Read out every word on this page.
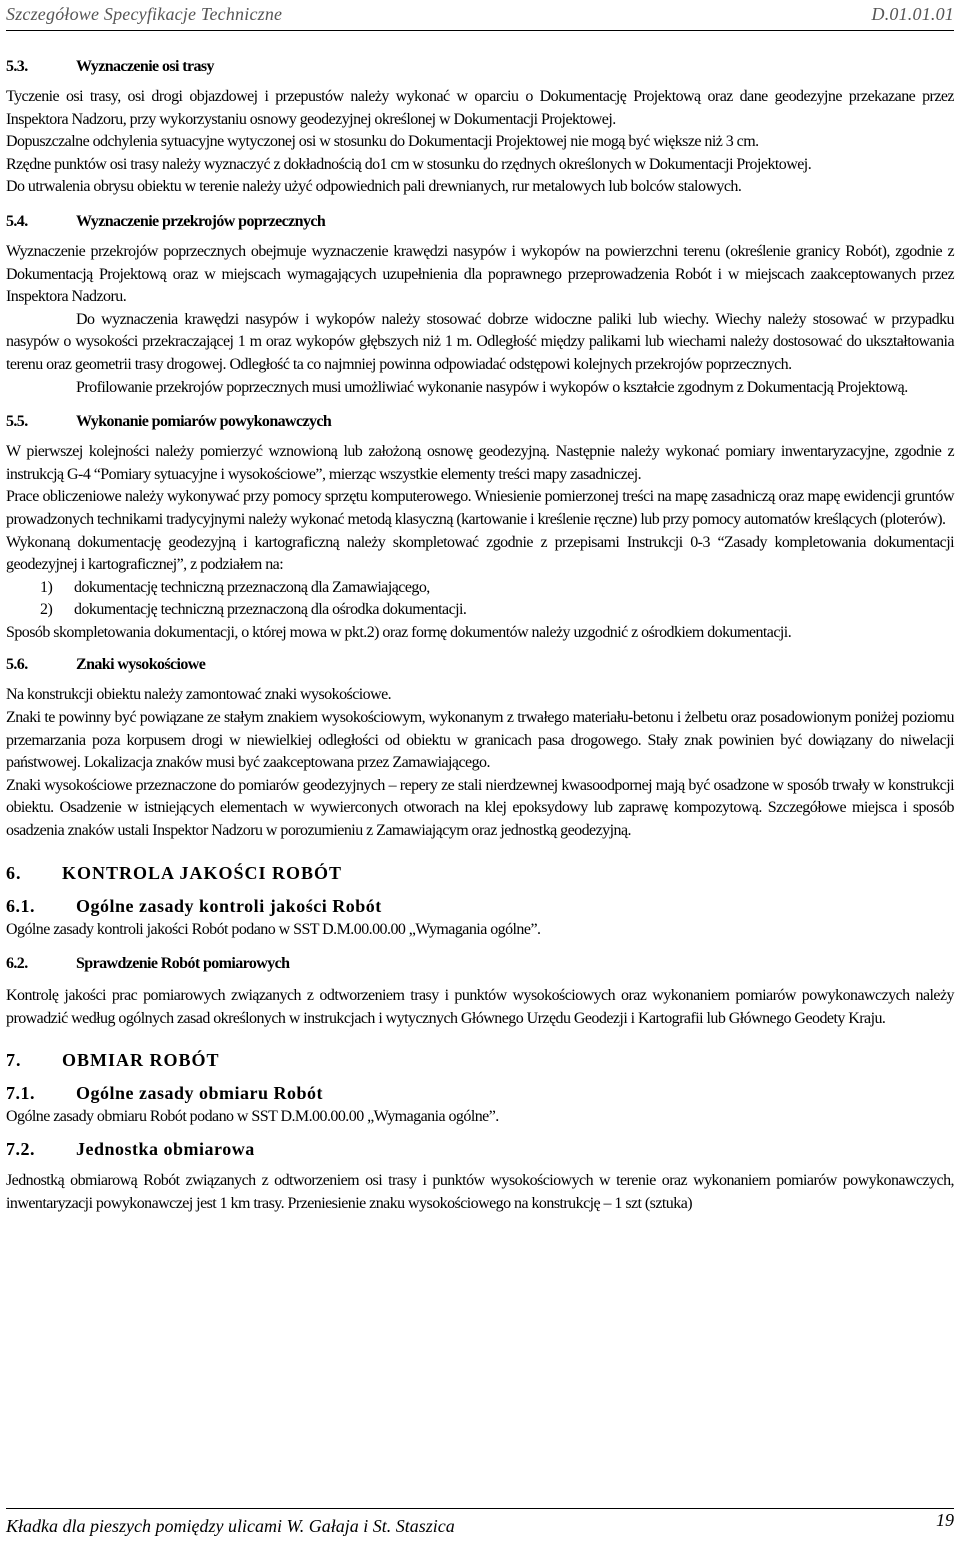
Szczegółowe Specyfikacje Techniczne	D.01.01.01
5.3.	Wyznaczenie osi trasy

Tyczenie osi trasy, osi drogi objazdowej i przepustów należy wykonać w oparciu o Dokumentację Projektową oraz dane geodezyjne przekazane przez Inspektora Nadzoru, przy wykorzystaniu osnowy geodezyjnej określonej w Dokumentacji Projektowej.

Dopuszczalne odchylenia sytuacyjne wytyczonej osi w stosunku do Dokumentacji Projektowej nie mogą być większe niż 3 cm.

Rzędne punktów osi trasy należy wyznaczyć z dokładnością do1 cm w stosunku do rzędnych określonych w Dokumentacji Projektowej.

Do utrwalenia obrysu obiektu w terenie należy użyć odpowiednich pali drewnianych, rur metalowych lub bolców stalowych.

5.4.	Wyznaczenie przekrojów poprzecznych

Wyznaczenie przekrojów poprzecznych obejmuje wyznaczenie krawędzi nasypów i wykopów na powierzchni terenu (określenie granicy Robót), zgodnie z Dokumentacją Projektową oraz w miejscach wymagających uzupełnienia dla poprawnego przeprowadzenia Robót i w miejscach zaakceptowanych przez Inspektora Nadzoru.

Do wyznaczenia krawędzi nasypów i wykopów należy stosować dobrze widoczne paliki lub wiechy. Wiechy należy stosować w przypadku nasypów o wysokości przekraczającej 1 m oraz wykopów głębszych niż 1 m. Odległość między palikami lub wiechami należy dostosować do ukształtowania terenu oraz geometrii trasy drogowej. Odległość ta co najmniej powinna odpowiadać odstępowi kolejnych przekrojów poprzecznych.

Profilowanie przekrojów poprzecznych musi umożliwiać wykonanie nasypów i wykopów o kształcie zgodnym z Dokumentacją Projektową.

5.5.	Wykonanie pomiarów powykonawczych

W pierwszej kolejności należy pomierzyć wznowioną lub założoną osnowę geodezyjną. Następnie należy wykonać pomiary inwentaryzacyjne, zgodnie z instrukcją G-4 “Pomiary sytuacyjne i wysokościowe”, mierząc wszystkie elementy treści mapy zasadniczej.

Prace obliczeniowe należy wykonywać przy pomocy sprzętu komputerowego. Wniesienie pomierzonej treści na mapę zasadniczą oraz mapę ewidencji gruntów prowadzonych technikami tradycyjnymi należy wykonać metodą klasyczną (kartowanie i kreślenie ręczne) lub przy pomocy automatów kreślących (ploterów).

Wykonaną dokumentację geodezyjną i kartograficzną należy skompletować zgodnie z przepisami Instrukcji 0-3 “Zasady kompletowania dokumentacji geodezyjnej i kartograficznej”, z podziałem na:

1)	dokumentację techniczną przeznaczoną dla Zamawiającego,
2)	dokumentację techniczną przeznaczoną dla ośrodka dokumentacji.

Sposób skompletowania dokumentacji, o której mowa w pkt.2) oraz formę dokumentów należy uzgodnić z ośrodkiem dokumentacji.

5.6.	Znaki wysokościowe

Na konstrukcji obiektu należy zamontować znaki wysokościowe.

Znaki te powinny być powiązane ze stałym znakiem wysokościowym, wykonanym z trwałego materiału-betonu i żelbetu oraz posadowionym poniżej poziomu przemarzania poza korpusem drogi w niewielkiej odległości od obiektu w granicach pasa drogowego. Stały znak powinien być dowiązany do niwelacji państwowej. Lokalizacja znaków musi być zaakceptowana przez Zamawiającego.

Znaki wysokościowe przeznaczone do pomiarów geodezyjnych – repery ze stali nierdzewnej kwasoodpornej mają być osadzone w sposób trwały w konstrukcji obiektu. Osadzenie w istniejących elementach w wywierconych otworach na klej epoksydowy lub zaprawę kompozytową. Szczegółowe miejsca i sposób osadzenia znaków ustali Inspektor Nadzoru w porozumieniu z Zamawiającym oraz jednostką geodezyjną.

6.	KONTROLA JAKOŚCI ROBÓT
6.1.	Ogólne zasady kontroli jakości Robót

Ogólne zasady kontroli jakości Robót podano w SST D.M.00.00.00 „Wymagania ogólne”.

6.2.	Sprawdzenie Robót pomiarowych

Kontrolę jakości prac pomiarowych związanych z odtworzeniem trasy i punktów wysokościowych oraz wykonaniem pomiarów powykonawczych należy prowadzić według ogólnych zasad określonych w instrukcjach i wytycznych Głównego Urzędu Geodezji i Kartografii lub Głównego Geodety Kraju.

7.	OBMIAR ROBÓT
7.1.	Ogólne zasady obmiaru Robót

Ogólne zasady obmiaru Robót podano w SST D.M.00.00.00 „Wymagania ogólne”.

7.2.	Jednostka obmiarowa

Jednostką obmiarową Robót związanych z odtworzeniem osi trasy i punktów wysokościowych w terenie oraz wykonaniem pomiarów powykonawczych, inwentaryzacji powykonawczej jest 1 km trasy. Przeniesienie znaku wysokościowego na konstrukcję – 1 szt (sztuka)

Kładka dla pieszych pomiędzy ulicami W. Gałaja i St. Staszica	19
